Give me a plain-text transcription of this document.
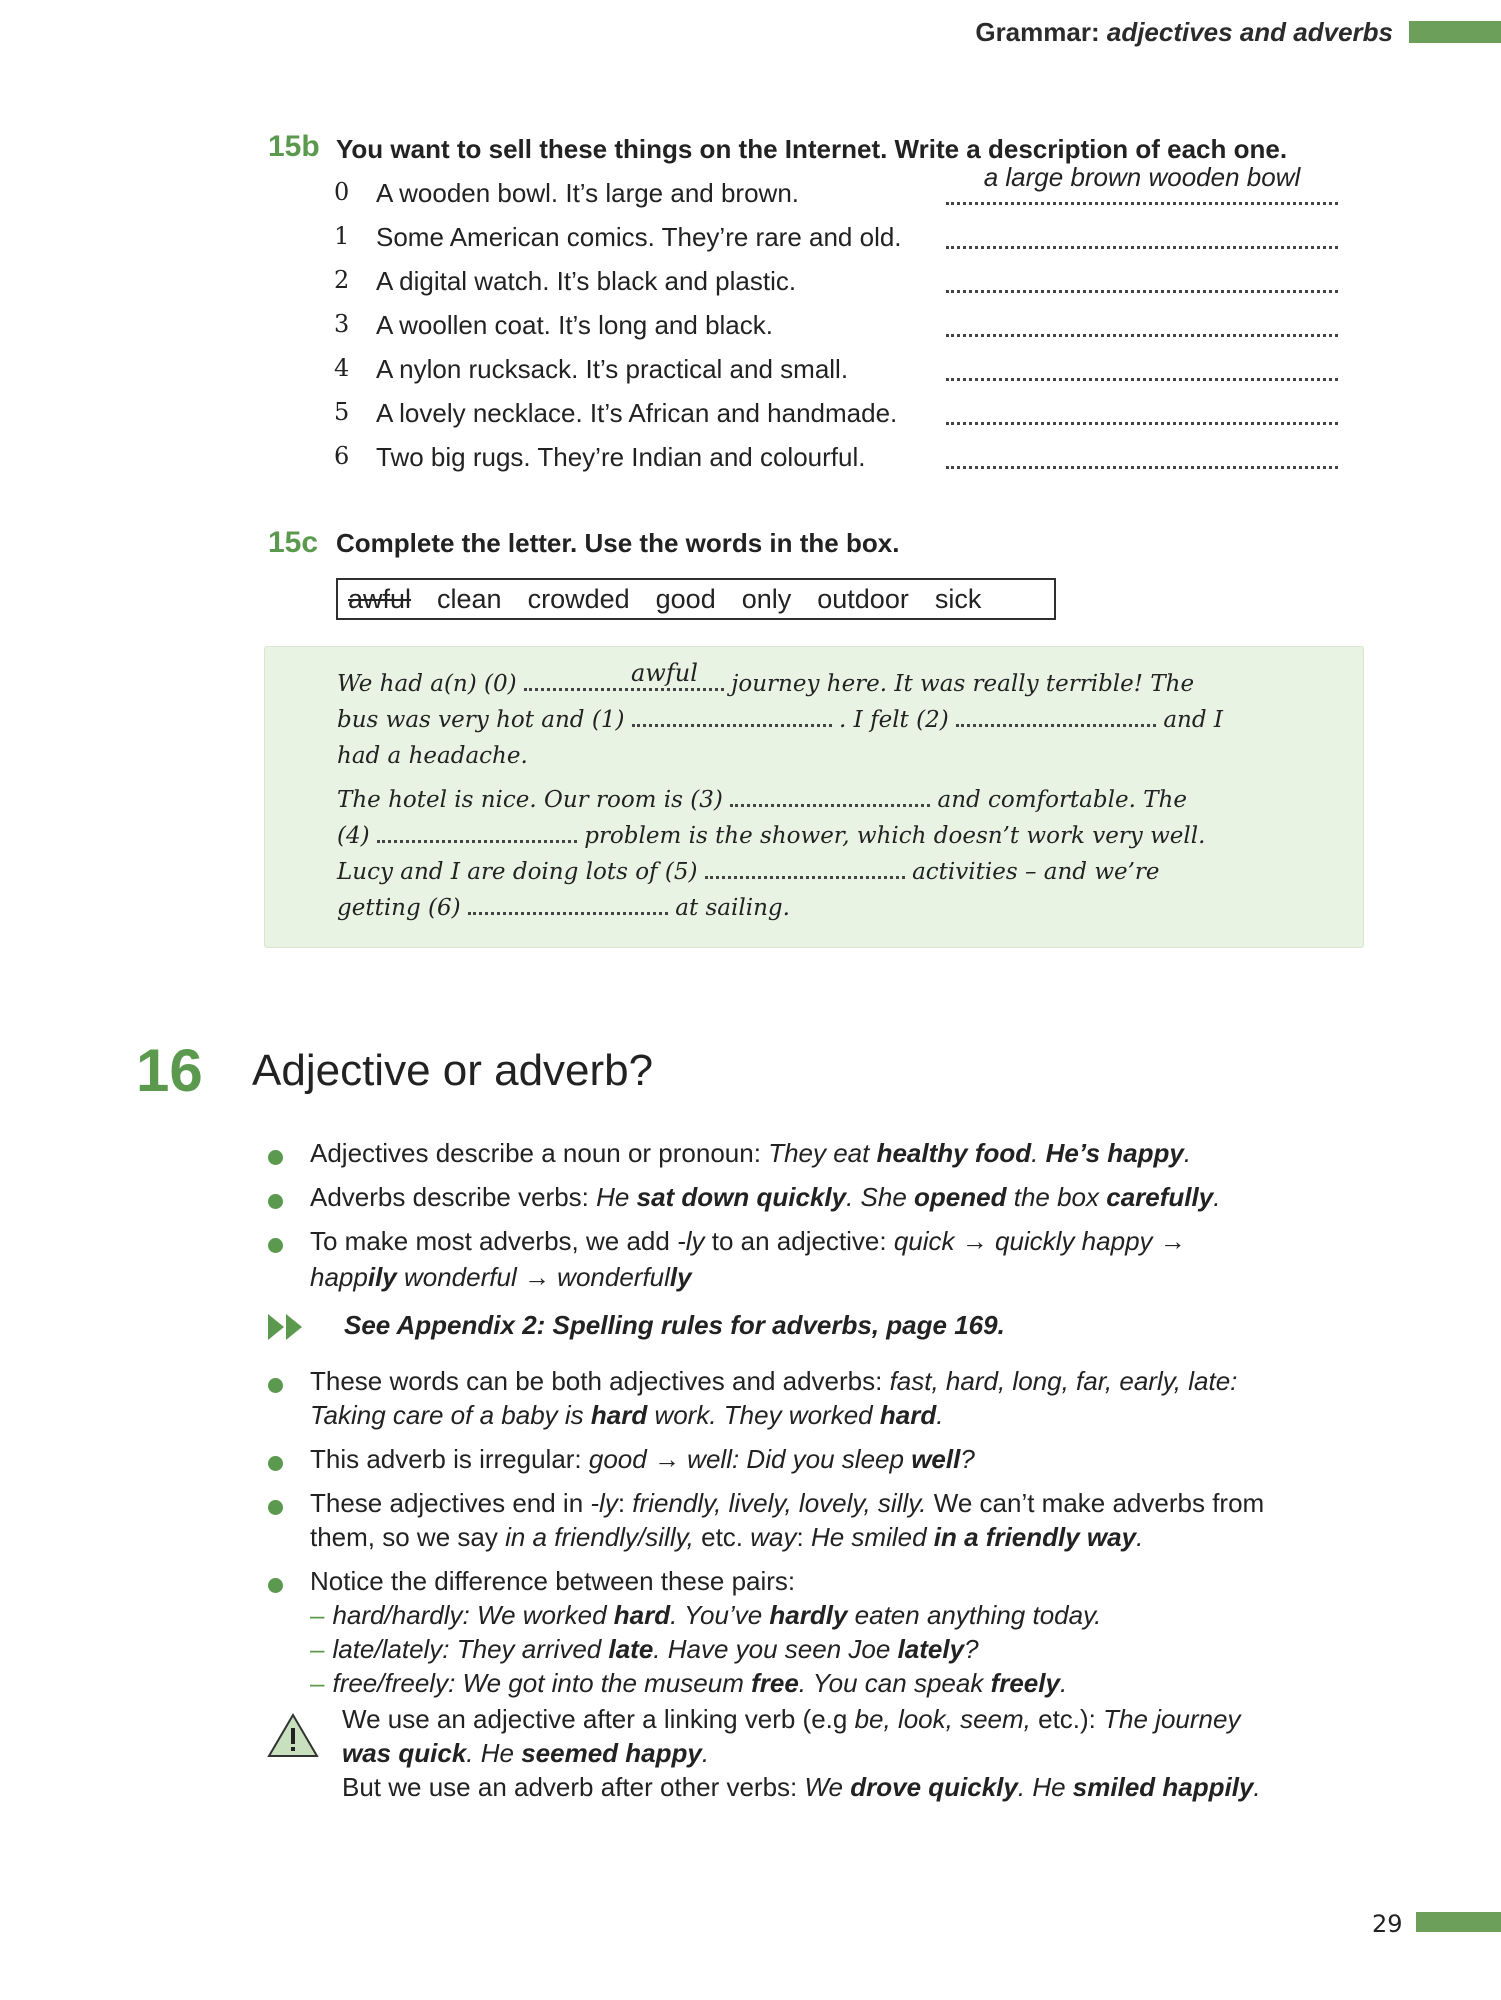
Grammar: adjectives and adverbs
15b You want to sell these things on the Internet. Write a description of each one.
0 A wooden bowl. It’s large and brown.
a large brown wooden bowl
1 Some American comics. They’re rare and old.
2 A digital watch. It’s black and plastic.
3 A woollen coat. It’s long and black.
4 A nylon rucksack. It’s practical and small.
5 A lovely necklace. It’s African and handmade.
6 Two big rugs. They’re Indian and colourful.
15c Complete the letter. Use the words in the box.
awful clean crowded good only outdoor sick
We had a(n) (0)	journey here. It was really terrible! The
awful
bus was very hot and (1)	. I felt (2)	and I
had a headache.
The hotel is nice. Our room is (3)	and comfortable. The
(4)	problem is the shower, which doesn’t work very well.
Lucy and I are doing lots of (5)	activities – and we’re
getting (6)	at sailing.
16 Adjective or adverb?
Adjectives describe a noun or pronoun: They eat healthy food. He’s happy.
Adverbs describe verbs: He sat down quickly. She opened the box carefully.
To make most adverbs, we add -ly to an adjective: quick → quickly happy →
happily wonderful → wonderfully
See Appendix 2: Spelling rules for adverbs, page 169.
These words can be both adjectives and adverbs: fast, hard, long, far, early, late:
Taking care of a baby is hard work. They worked hard.
This adverb is irregular: good → well: Did you sleep well?
These adjectives end in -ly: friendly, lively, lovely, silly. We can’t make adverbs from
them, so we say in a friendly/silly, etc. way: He smiled in a friendly way.
Notice the difference between these pairs:
– hard/hardly: We worked hard. You’ve hardly eaten anything today.
– late/lately: They arrived late. Have you seen Joe lately?
– free/freely: We got into the museum free. You can speak freely.
We use an adjective after a linking verb (e.g be, look, seem, etc.): The journey
was quick. He seemed happy.
But we use an adverb after other verbs: We drove quickly. He smiled happily.
29
